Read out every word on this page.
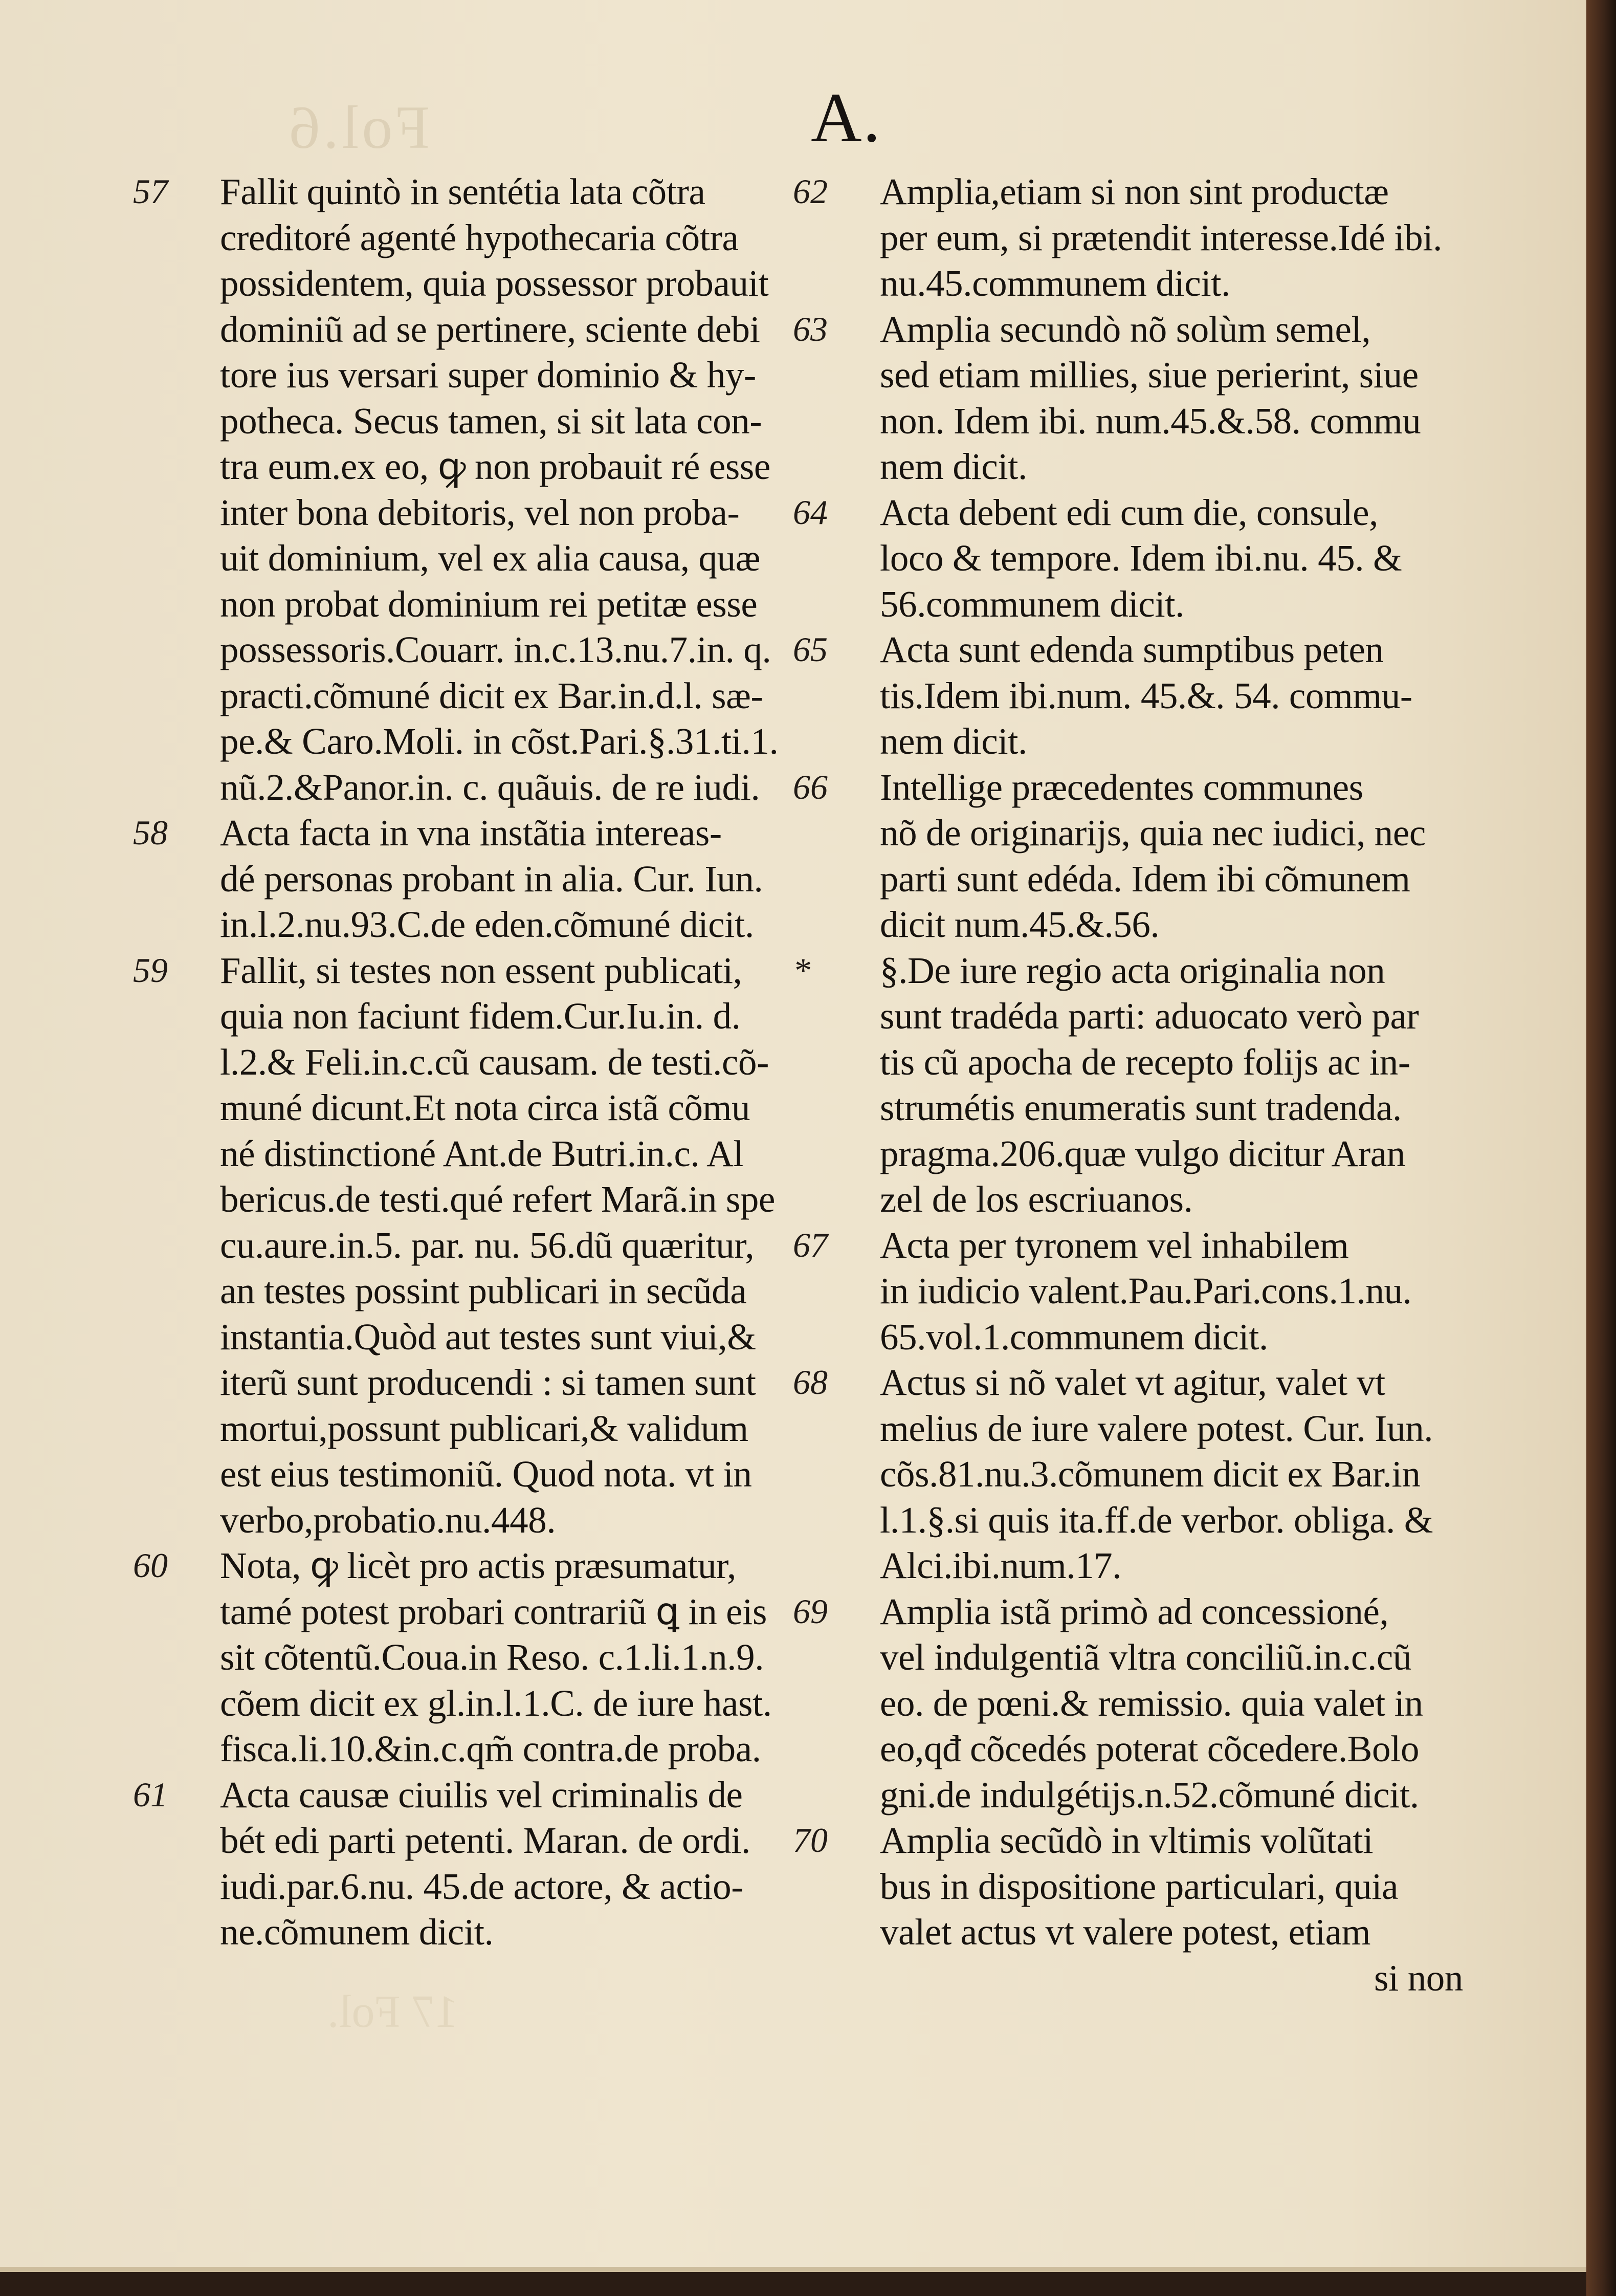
Fol.6
17 Fol.
A.
57	Fallit quintò in sentétia lata cõtra
creditoré agenté hypothecaria cõtra
possidentem, quia possessor probauit
dominiũ ad se pertinere, sciente debi
tore ius versari super dominio & hy-
potheca. Secus tamen, si sit lata con-
tra eum.ex eo, ꝙ non probauit ré esse
inter bona debitoris, vel non proba-
uit dominium, vel ex alia causa, quæ
non probat dominium rei petitæ esse
possessoris.Couarr. in.c.13.nu.7.in. q.
practi.cõmuné dicit ex Bar.in.d.l. sæ-
pe.& Caro.Moli. in cõst.Pari.§.31.ti.1.
nũ.2.&Panor.in. c. quãuis. de re iudi.
58	Acta facta in vna instãtia intereas-
dé personas probant in alia. Cur. Iun.
in.l.2.nu.93.C.de eden.cõmuné dicit.
59	Fallit, si testes non essent publicati,
quia non faciunt fidem.Cur.Iu.in. d.
l.2.& Feli.in.c.cũ causam. de testi.cõ-
muné dicunt.Et nota circa istã cõmu
né distinctioné Ant.de Butri.in.c. Al
bericus.de testi.qué refert Marã.in spe
cu.aure.in.5. par. nu. 56.dũ quæritur,
an testes possint publicari in secũda
instantia.Quòd aut testes sunt viui,&
iterũ sunt producendi : si tamen sunt
mortui,possunt publicari,& validum
est eius testimoniũ. Quod nota. vt in
verbo,probatio.nu.448.
60	Nota, ꝙ licèt pro actis præsumatur,
tamé potest probari contrariũ ꝗ in eis
sit cõtentũ.Coua.in Reso. c.1.li.1.n.9.
cõem dicit ex gl.in.l.1.C. de iure hast.
fisca.li.10.&in.c.qm̃ contra.de proba.
61	Acta causæ ciuilis vel criminalis de
bét edi parti petenti. Maran. de ordi.
iudi.par.6.nu. 45.de actore, & actio-
ne.cõmunem dicit.
62	Amplia,etiam si non sint productæ
per eum, si prætendit interesse.Idé ibi.
nu.45.communem dicit.
63	Amplia secundò nõ solùm semel,
sed etiam millies, siue perierint, siue
non. Idem ibi. num.45.&.58. commu
nem dicit.
64	Acta debent edi cum die, consule,
loco & tempore. Idem ibi.nu. 45. &
56.communem dicit.
65	Acta sunt edenda sumptibus peten
tis.Idem ibi.num. 45.&. 54. commu-
nem dicit.
66	Intellige præcedentes communes
nõ de originarijs, quia nec iudici, nec
parti sunt edéda. Idem ibi cõmunem
dicit num.45.&.56.
*	§.De iure regio acta originalia non
sunt tradéda parti: aduocato verò par
tis cũ apocha de recepto folijs ac in-
strumétis enumeratis sunt tradenda.
pragma.206.quæ vulgo dicitur Aran
zel de los escriuanos.
67	Acta per tyronem vel inhabilem
in iudicio valent.Pau.Pari.cons.1.nu.
65.vol.1.communem dicit.
68	Actus si nõ valet vt agitur, valet vt
melius de iure valere potest. Cur. Iun.
cõs.81.nu.3.cõmunem dicit ex Bar.in
l.1.§.si quis ita.ff.de verbor. obliga. &
Alci.ibi.num.17.
69	Amplia istã primò ad concessioné,
vel indulgentiã vltra conciliũ.in.c.cũ
eo. de pœni.& remissio. quia valet in
eo,qđ cõcedés poterat cõcedere.Bolo
gni.de indulgétijs.n.52.cõmuné dicit.
70	Amplia secũdò in vltimis volũtati
bus in dispositione particulari, quia
valet actus vt valere potest, etiam
si non
